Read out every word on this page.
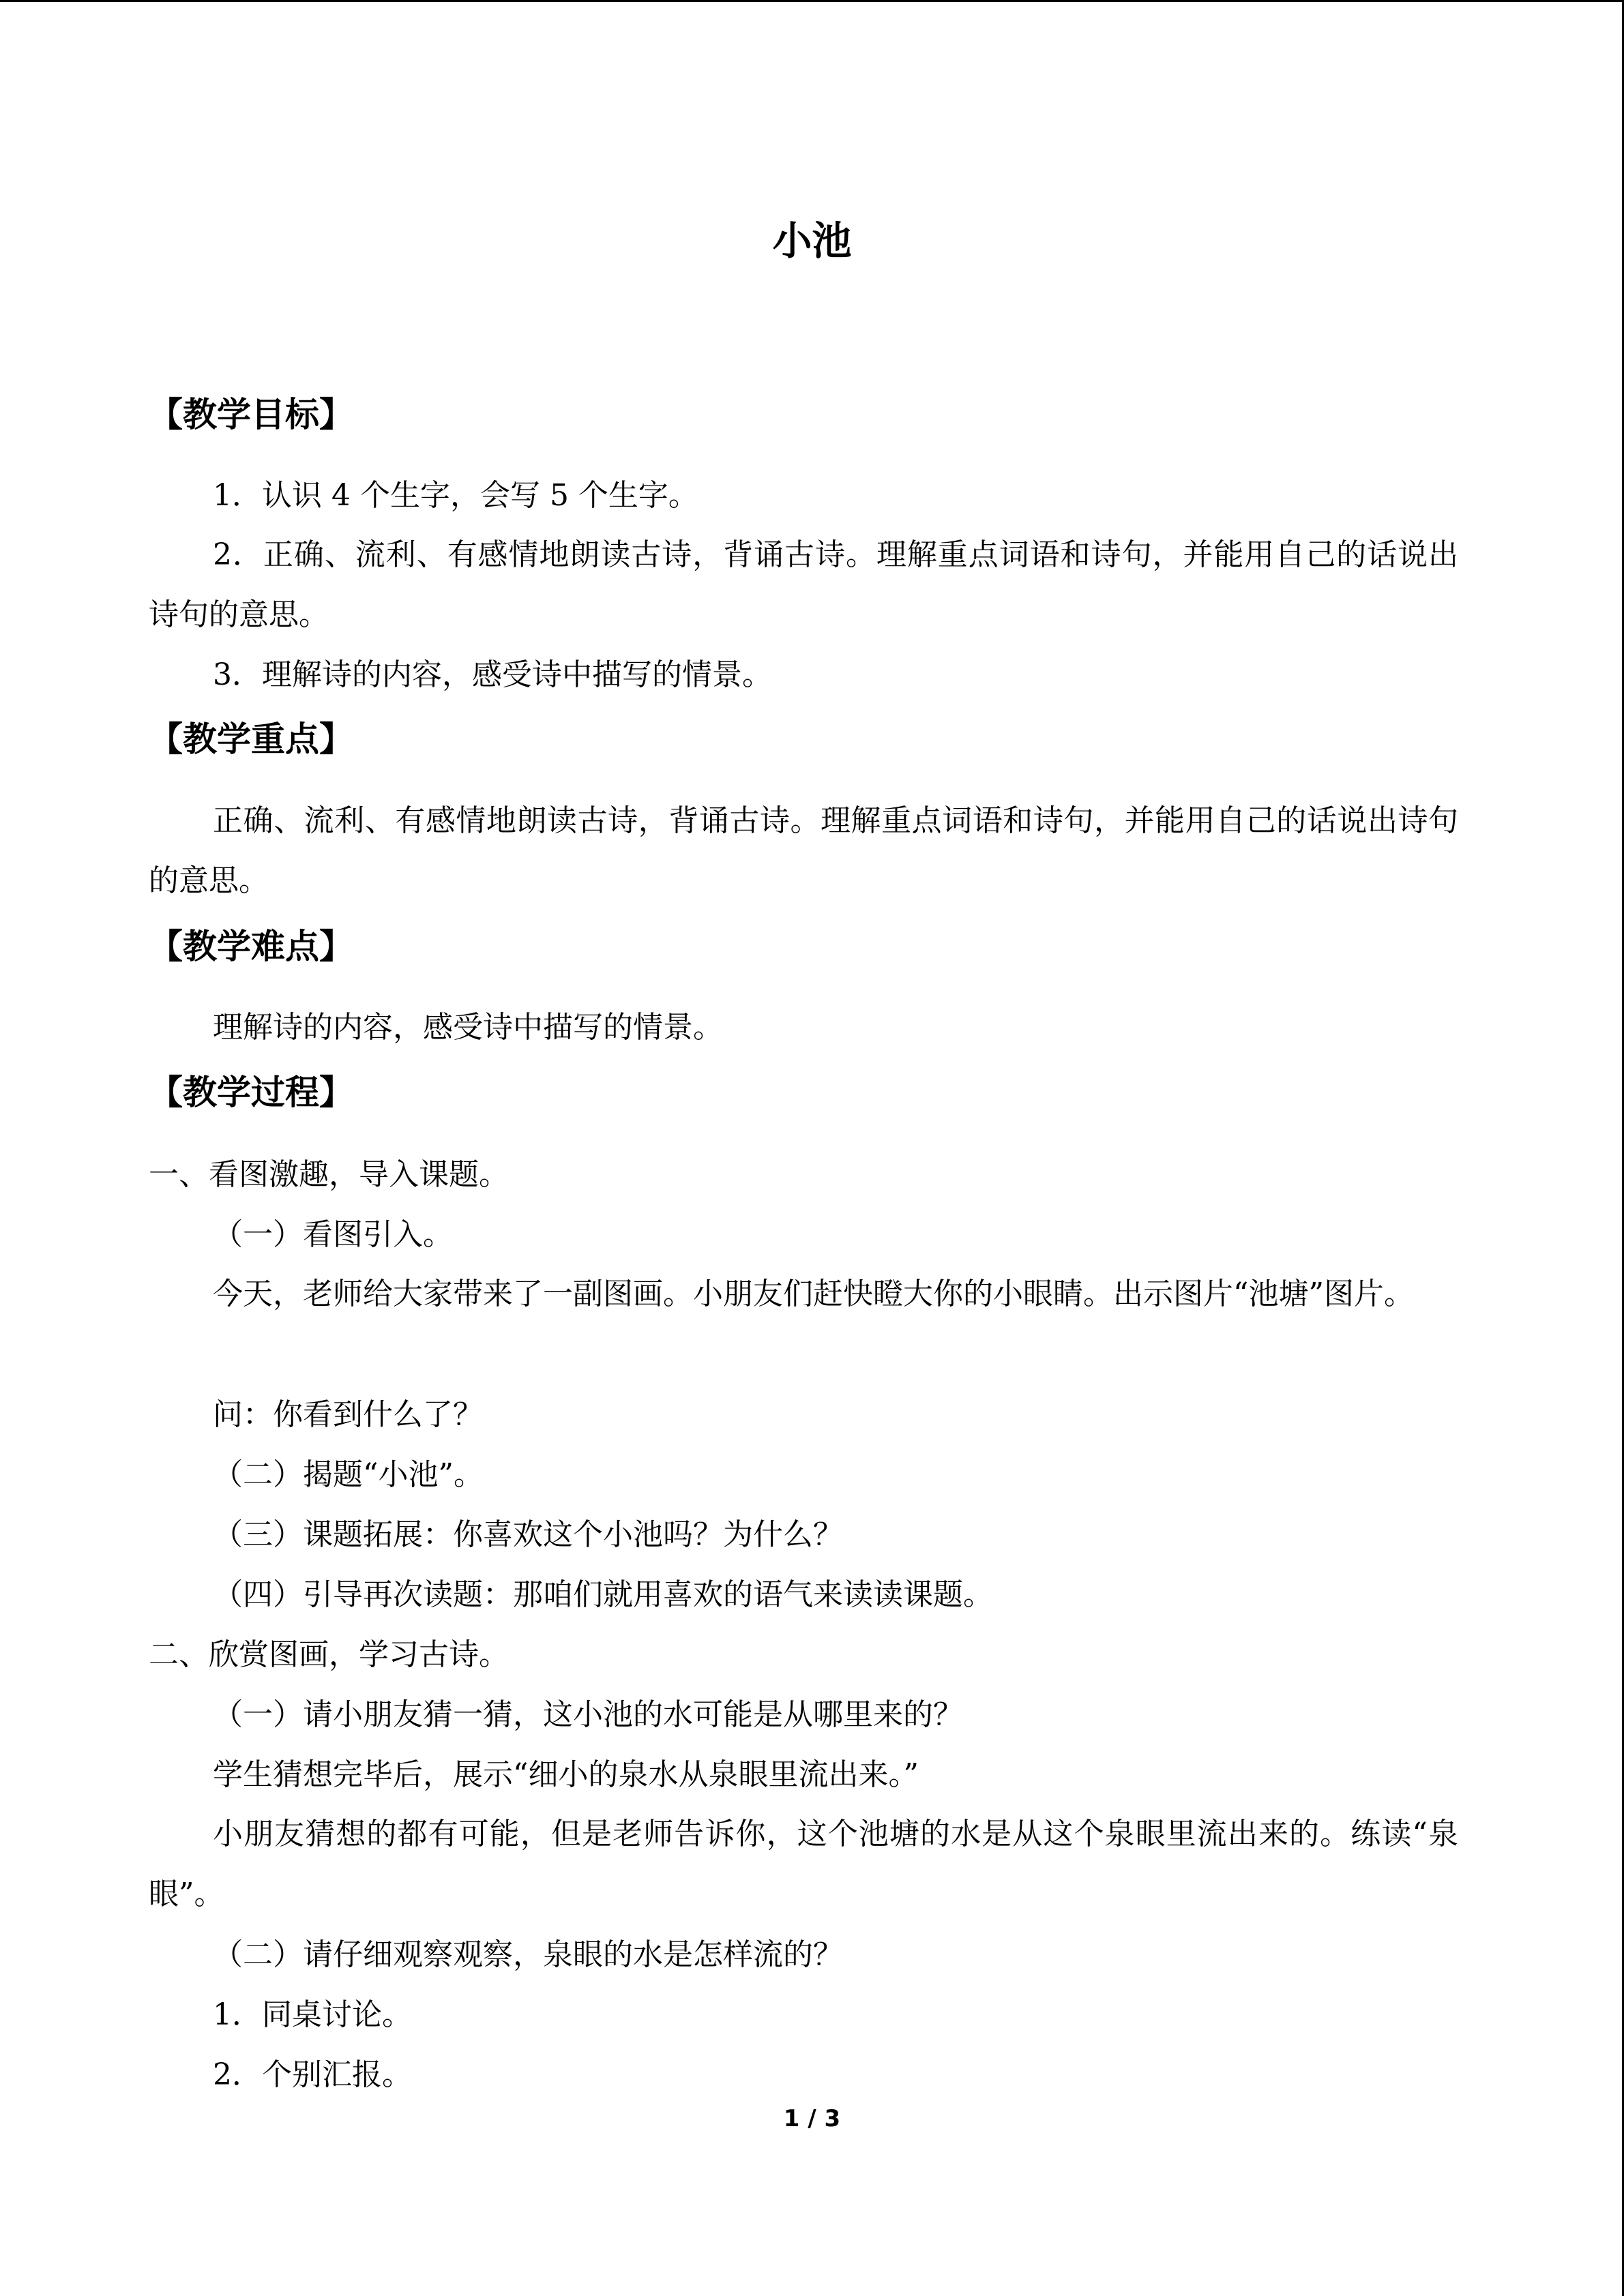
小池
【教学目标】
1．认识 4 个生字，会写 5 个生字。
2．正确、流利、有感情地朗读古诗，背诵古诗。理解重点词语和诗句，并能用自己的话说出诗句的意思。
3．理解诗的内容，感受诗中描写的情景。
【教学重点】
正确、流利、有感情地朗读古诗，背诵古诗。理解重点词语和诗句，并能用自己的话说出诗句的意思。
【教学难点】
理解诗的内容，感受诗中描写的情景。
【教学过程】
一、看图激趣，导入课题。
（一）看图引入。
今天，老师给大家带来了一副图画。小朋友们赶快瞪大你的小眼睛。出示图片“池塘”图片。
问：你看到什么了？
（二）揭题“小池”。
（三）课题拓展：你喜欢这个小池吗？为什么？
（四）引导再次读题：那咱们就用喜欢的语气来读读课题。
二、欣赏图画，学习古诗。
（一）请小朋友猜一猜，这小池的水可能是从哪里来的？
学生猜想完毕后，展示“细小的泉水从泉眼里流出来。”
小朋友猜想的都有可能，但是老师告诉你，这个池塘的水是从这个泉眼里流出来的。练读“泉眼”。
（二）请仔细观察观察，泉眼的水是怎样流的？
1．同桌讨论。
2．个别汇报。
1 / 3
